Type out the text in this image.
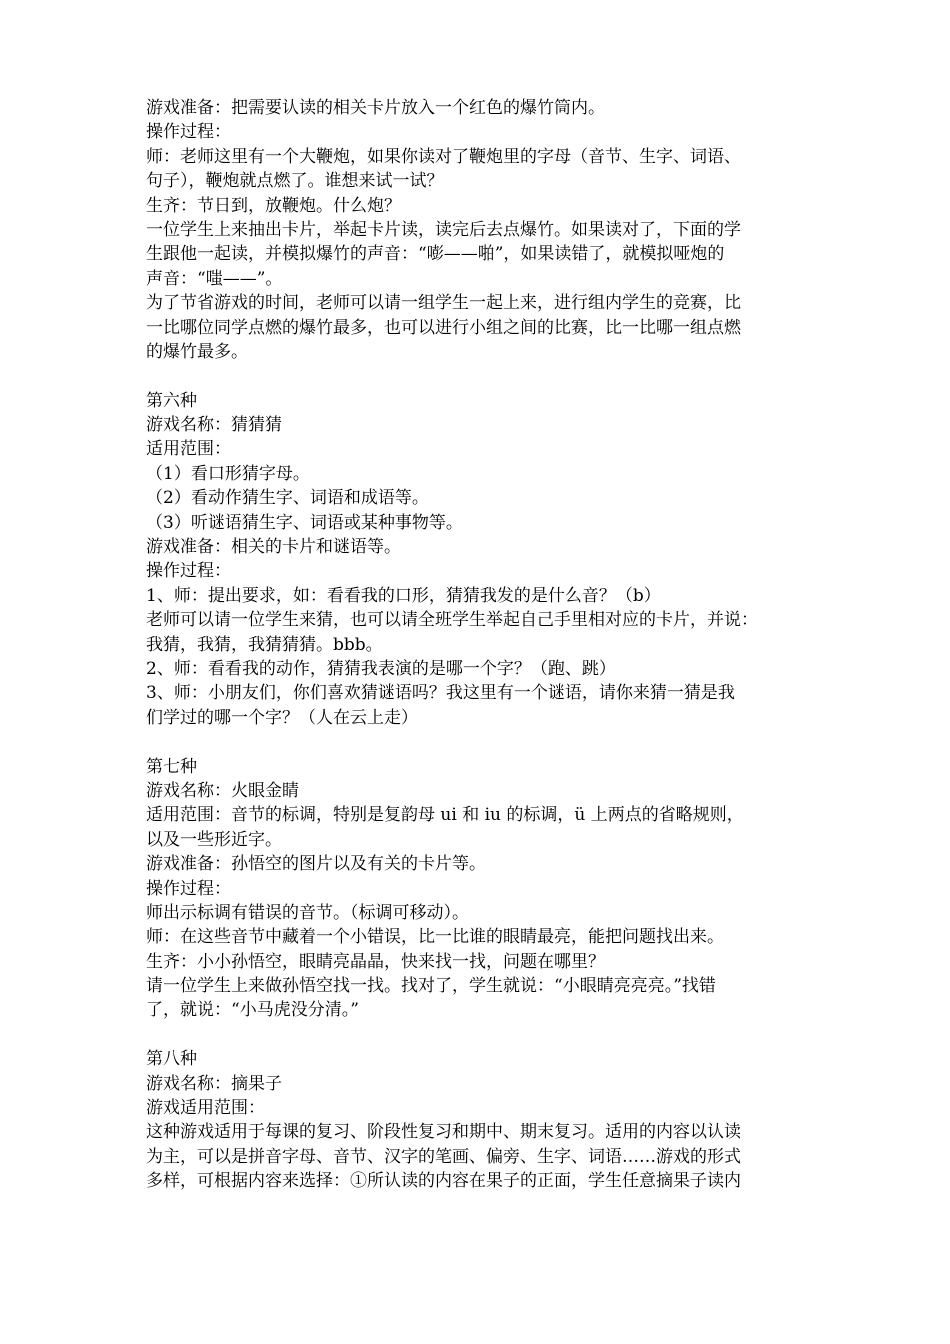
游戏准备：把需要认读的相关卡片放入一个红色的爆竹筒内。
操作过程：
师：老师这里有一个大鞭炮，如果你读对了鞭炮里的字母（音节、生字、词语、
句子），鞭炮就点燃了。谁想来试一试？
生齐：节日到，放鞭炮。什么炮？
一位学生上来抽出卡片，举起卡片读，读完后去点爆竹。如果读对了，下面的学
生跟他一起读，并模拟爆竹的声音：“嘭——啪”，如果读错了，就模拟哑炮的
声音：“嗤——”。
为了节省游戏的时间，老师可以请一组学生一起上来，进行组内学生的竞赛，比
一比哪位同学点燃的爆竹最多，也可以进行小组之间的比赛，比一比哪一组点燃
的爆竹最多。
第六种
游戏名称：猜猜猜
适用范围：
（1）看口形猜字母。
（2）看动作猜生字、词语和成语等。
（3）听谜语猜生字、词语或某种事物等。
游戏准备：相关的卡片和谜语等。
操作过程：
1、师：提出要求，如：看看我的口形，猜猜我发的是什么音？（b）
老师可以请一位学生来猜，也可以请全班学生举起自己手里相对应的卡片，并说：
我猜，我猜，我猜猜猜。bbb。
2、师：看看我的动作，猜猜我表演的是哪一个字？（跑、跳）
3、师：小朋友们，你们喜欢猜谜语吗？我这里有一个谜语，请你来猜一猜是我
们学过的哪一个字？（人在云上走）
第七种
游戏名称：火眼金睛
适用范围：音节的标调，特别是复韵母 ui 和 iu 的标调，ü 上两点的省略规则，
以及一些形近字。
游戏准备：孙悟空的图片以及有关的卡片等。
操作过程：
师出示标调有错误的音节。（标调可移动）。
师：在这些音节中藏着一个小错误，比一比谁的眼睛最亮，能把问题找出来。
生齐：小小孙悟空，眼睛亮晶晶，快来找一找，问题在哪里？
请一位学生上来做孙悟空找一找。找对了，学生就说：“小眼睛亮亮亮。”找错
了，就说：“小马虎没分清。”
第八种
游戏名称：摘果子
游戏适用范围：
这种游戏适用于每课的复习、阶段性复习和期中、期末复习。适用的内容以认读
为主，可以是拼音字母、音节、汉字的笔画、偏旁、生字、词语……游戏的形式
多样，可根据内容来选择：①所认读的内容在果子的正面，学生任意摘果子读内
